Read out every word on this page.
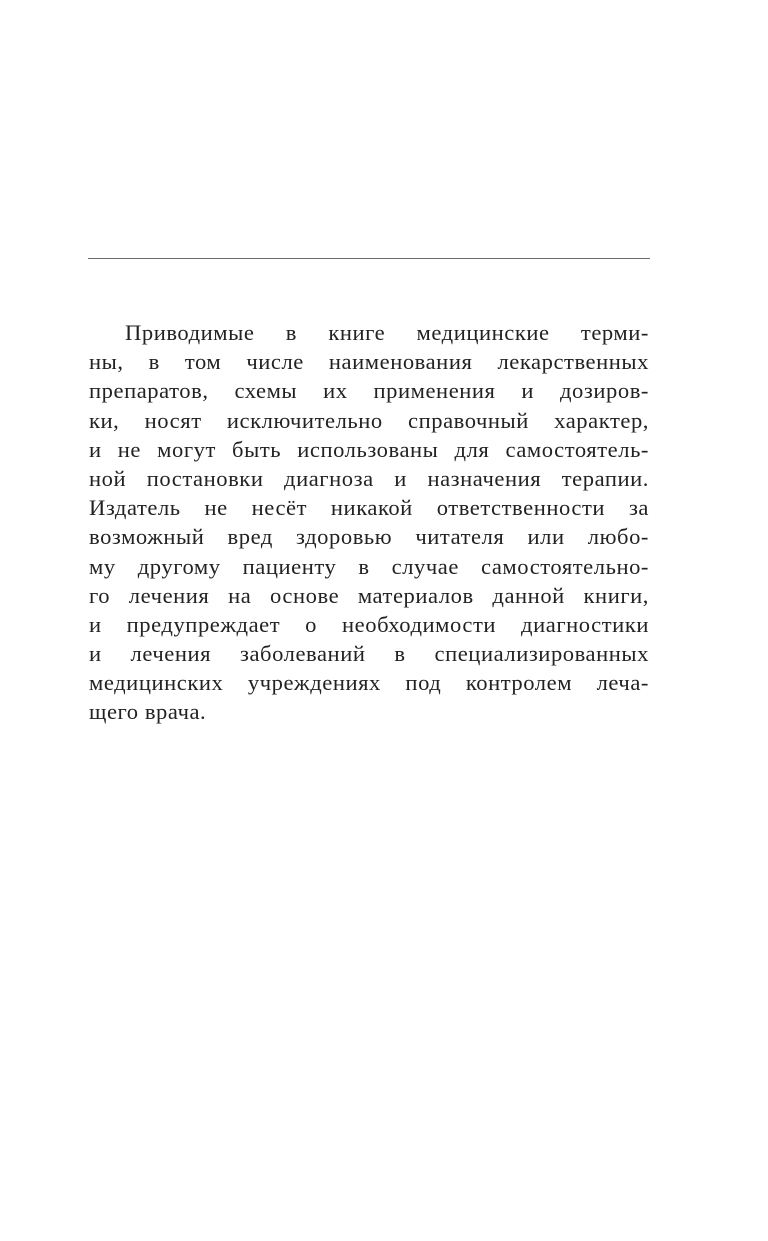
Приводимые в книге медицинские терми-
ны, в том числе наименования лекарственных
препаратов, схемы их применения и дозиров-
ки, носят исключительно справочный характер,
и не могут быть использованы для самостоятель-
ной постановки диагноза и назначения терапии.
Издатель не несёт никакой ответственности за
возможный вред здоровью читателя или любо-
му другому пациенту в случае самостоятельно-
го лечения на основе материалов данной книги,
и предупреждает о необходимости диагностики
и лечения заболеваний в специализированных
медицинских учреждениях под контролем леча-
щего врача.
